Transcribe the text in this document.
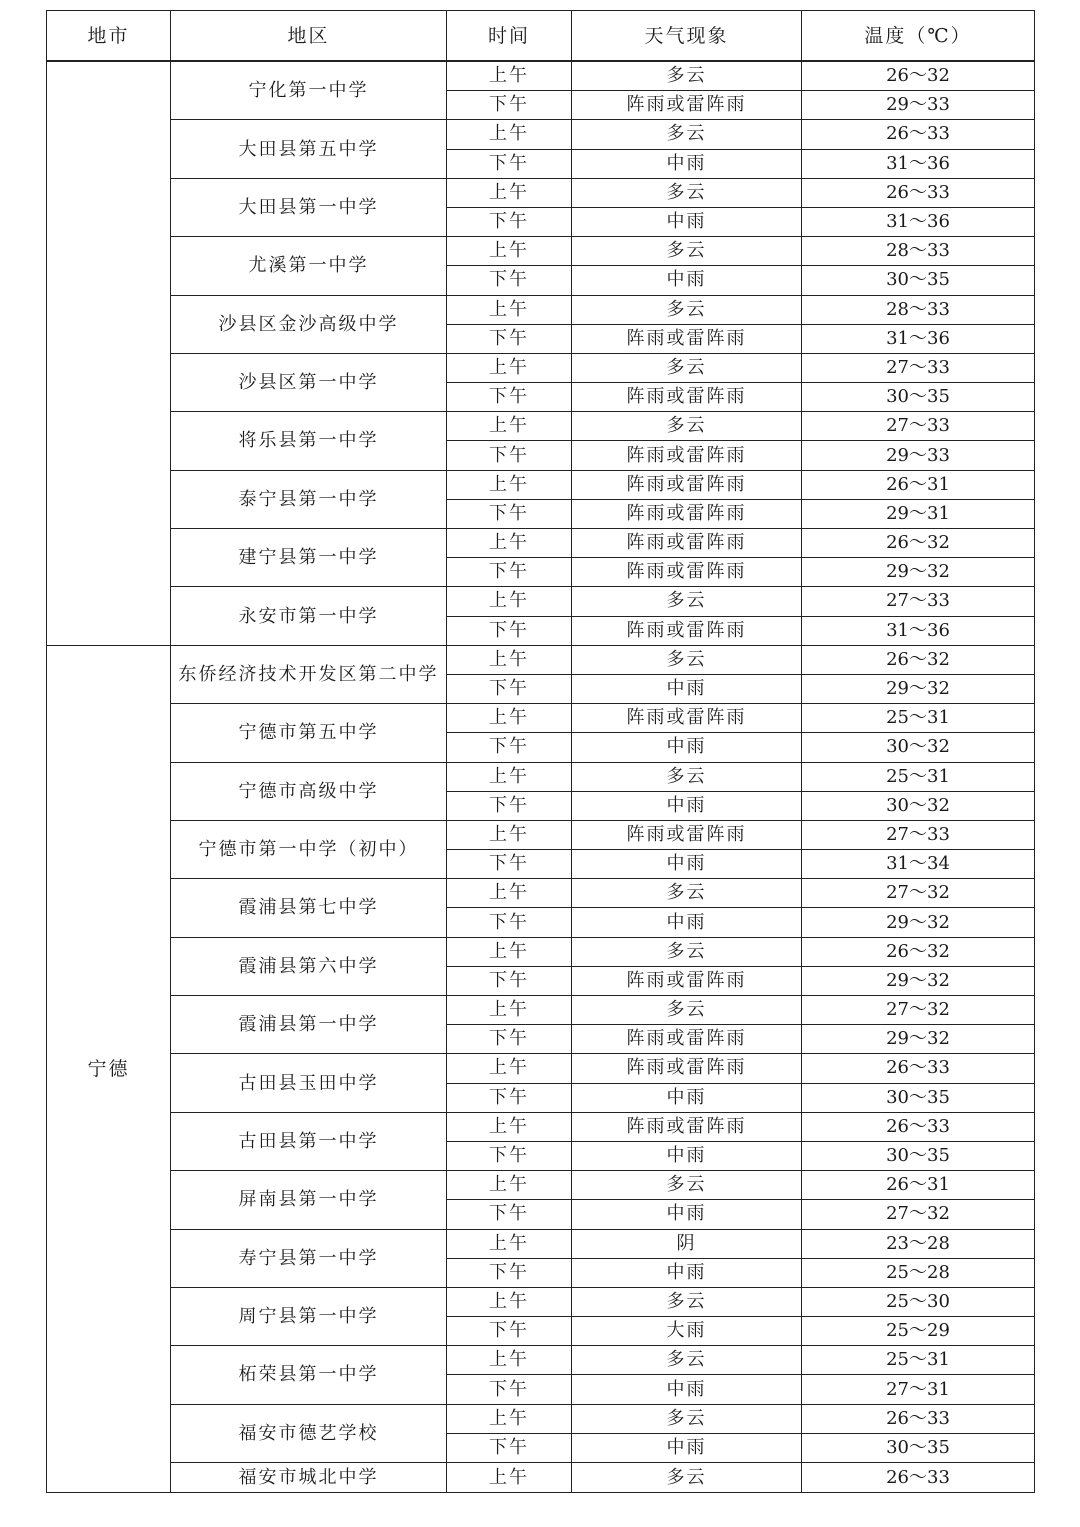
地市	地区	时间	天气现象	温度（℃）
	宁化第一中学	上午	多云	26～32
		下午	阵雨或雷阵雨	29～33
	大田县第五中学	上午	多云	26～33
		下午	中雨	31～36
	大田县第一中学	上午	多云	26～33
		下午	中雨	31～36
	尤溪第一中学	上午	多云	28～33
		下午	中雨	30～35
	沙县区金沙高级中学	上午	多云	28～33
		下午	阵雨或雷阵雨	31～36
	沙县区第一中学	上午	多云	27～33
		下午	阵雨或雷阵雨	30～35
	将乐县第一中学	上午	多云	27～33
		下午	阵雨或雷阵雨	29～33
	泰宁县第一中学	上午	阵雨或雷阵雨	26～31
		下午	阵雨或雷阵雨	29～31
	建宁县第一中学	上午	阵雨或雷阵雨	26～32
		下午	阵雨或雷阵雨	29～32
	永安市第一中学	上午	多云	27～33
		下午	阵雨或雷阵雨	31～36
宁德	东侨经济技术开发区第二中学	上午	多云	26～32
		下午	中雨	29～32
	宁德市第五中学	上午	阵雨或雷阵雨	25～31
		下午	中雨	30～32
	宁德市高级中学	上午	多云	25～31
		下午	中雨	30～32
	宁德市第一中学（初中）	上午	阵雨或雷阵雨	27～33
		下午	中雨	31～34
	霞浦县第七中学	上午	多云	27～32
		下午	中雨	29～32
	霞浦县第六中学	上午	多云	26～32
		下午	阵雨或雷阵雨	29～32
	霞浦县第一中学	上午	多云	27～32
		下午	阵雨或雷阵雨	29～32
	古田县玉田中学	上午	阵雨或雷阵雨	26～33
		下午	中雨	30～35
	古田县第一中学	上午	阵雨或雷阵雨	26～33
		下午	中雨	30～35
	屏南县第一中学	上午	多云	26～31
		下午	中雨	27～32
	寿宁县第一中学	上午	阴	23～28
		下午	中雨	25～28
	周宁县第一中学	上午	多云	25～30
		下午	大雨	25～29
	柘荣县第一中学	上午	多云	25～31
		下午	中雨	27～31
	福安市德艺学校	上午	多云	26～33
		下午	中雨	30～35
	福安市城北中学	上午	多云	26～33
